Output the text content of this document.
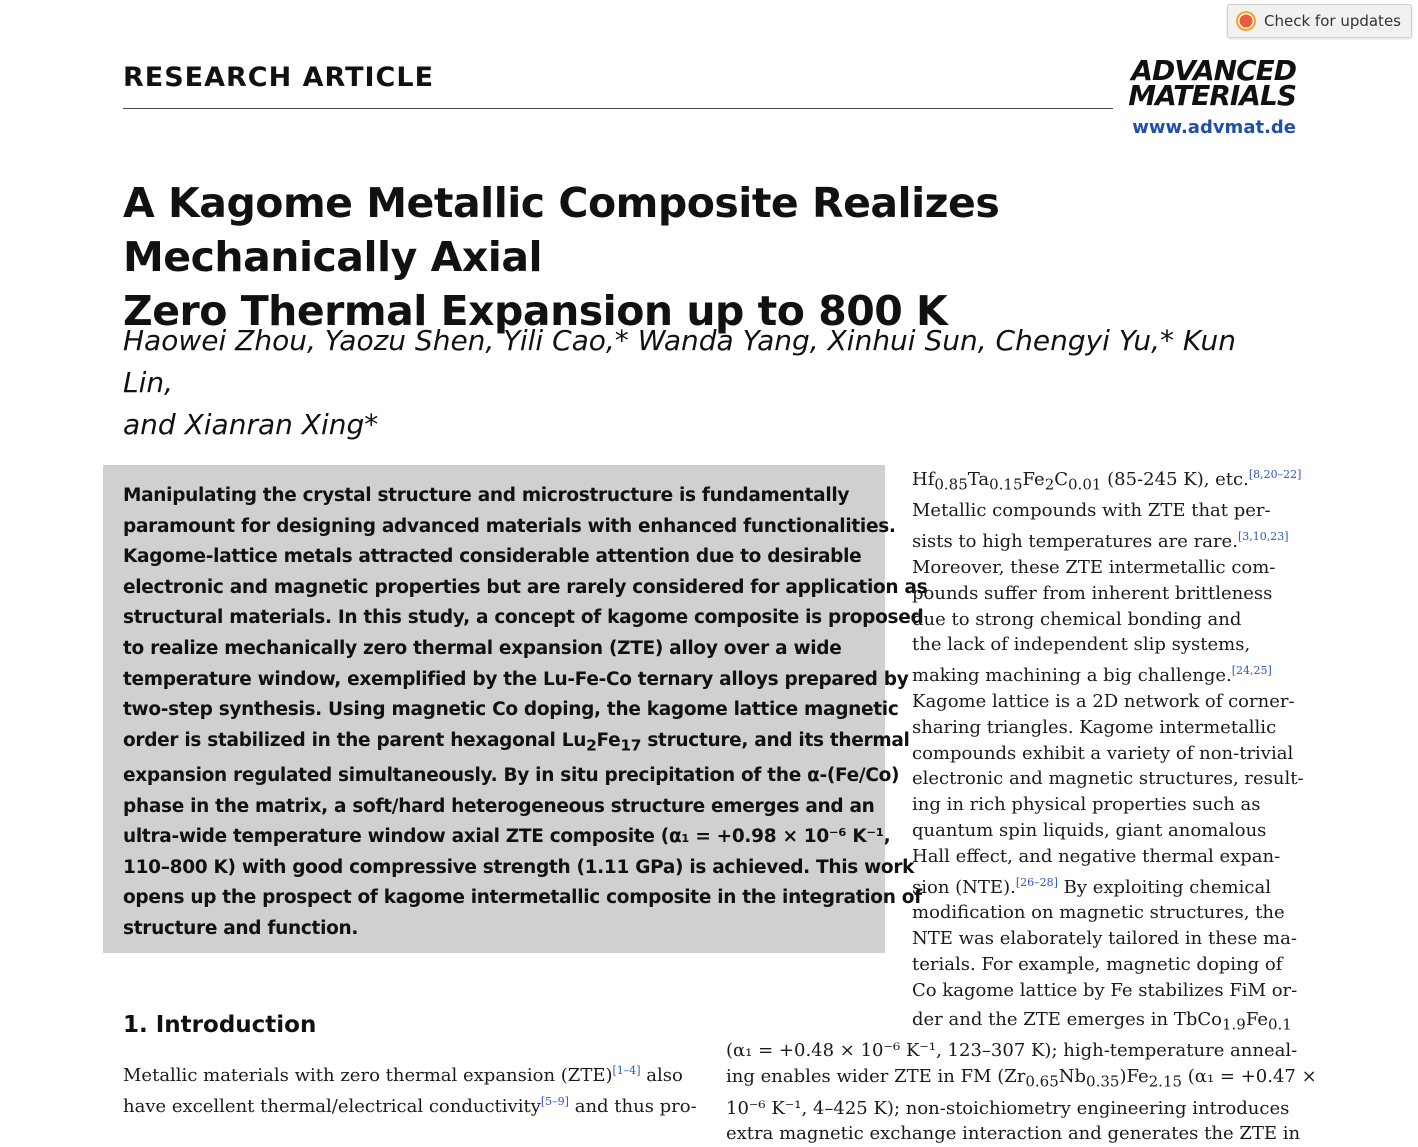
Check for updates
RESEARCH ARTICLE	ADVANCED
MATERIALS
www.advmat.de
A Kagome Metallic Composite Realizes Mechanically Axial
Zero Thermal Expansion up to 800 K
Haowei Zhou, Yaozu Shen, Yili Cao,* Wanda Yang, Xinhui Sun, Chengyi Yu,* Kun Lin,
and Xianran Xing*
Manipulating the crystal structure and microstructure is fundamentally
paramount for designing advanced materials with enhanced functionalities.
Kagome-lattice metals attracted considerable attention due to desirable
electronic and magnetic properties but are rarely considered for application as
structural materials. In this study, a concept of kagome composite is proposed
to realize mechanically zero thermal expansion (ZTE) alloy over a wide
temperature window, exemplified by the Lu-Fe-Co ternary alloys prepared by
two-step synthesis. Using magnetic Co doping, the kagome lattice magnetic
order is stabilized in the parent hexagonal $Lu_2Fe_{17}$ structure, and its thermal
expansion regulated simultaneously. By in situ precipitation of the α-(Fe/Co)
phase in the matrix, a soft/hard heterogeneous structure emerges and an
ultra-wide temperature window axial ZTE composite (α₁ = +0.98 × 10⁻⁶ K⁻¹,
110–800 K) with good compressive strength (1.11 GPa) is achieved. This work
opens up the prospect of kagome intermetallic composite in the integration of
structure and function.
1. Introduction
Metallic materials with zero thermal expansion (ZTE)[1–4] also
have excellent thermal/electrical conductivity[5–9] and thus pro-
$Hf_{0.85}Ta_{0.15}Fe_2C_{0.01}$ (85-245 K), etc.[8,20–22]
Metallic compounds with ZTE that per-
sists to high temperatures are rare.[3,10,23]
Moreover, these ZTE intermetallic com-
pounds suffer from inherent brittleness
due to strong chemical bonding and
the lack of independent slip systems,
making machining a big challenge.[24,25]
Kagome lattice is a 2D network of corner-
sharing triangles. Kagome intermetallic
compounds exhibit a variety of non-trivial
electronic and magnetic structures, result-
ing in rich physical properties such as
quantum spin liquids, giant anomalous
Hall effect, and negative thermal expan-
sion (NTE).[26–28] By exploiting chemical
modification on magnetic structures, the
NTE was elaborately tailored in these ma-
terials. For example, magnetic doping of
Co kagome lattice by Fe stabilizes FiM or-
der and the ZTE emerges in $TbCo_{1.9}Fe_{0.1}$
(α₁ = +0.48 × 10⁻⁶ K⁻¹, 123–307 K); high-temperature anneal-
ing enables wider ZTE in FM $(Zr_{0.65}Nb_{0.35})Fe_{2.15}$ (α₁ = +0.47 ×
10⁻⁶ K⁻¹, 4–425 K); non-stoichiometry engineering introduces
extra magnetic exchange interaction and generates the ZTE in
